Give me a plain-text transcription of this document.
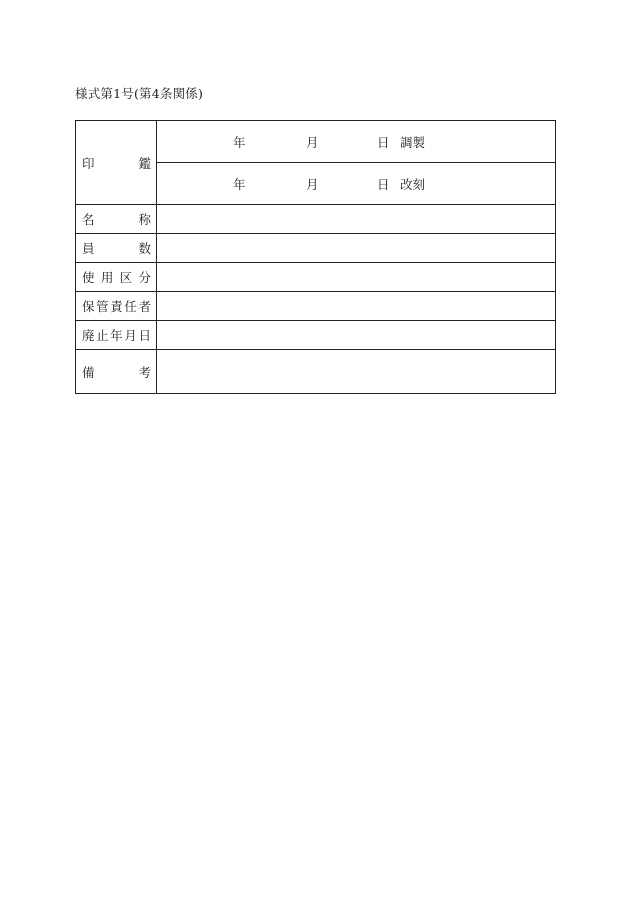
様式第1号(第4条関係)
印 鑑	年 月 日 調製

	年 月 日 改刻

名 称	

員 数	

使 用 区 分	

保 管 責 任 者	

廃 止 年 月 日	

備 考	
